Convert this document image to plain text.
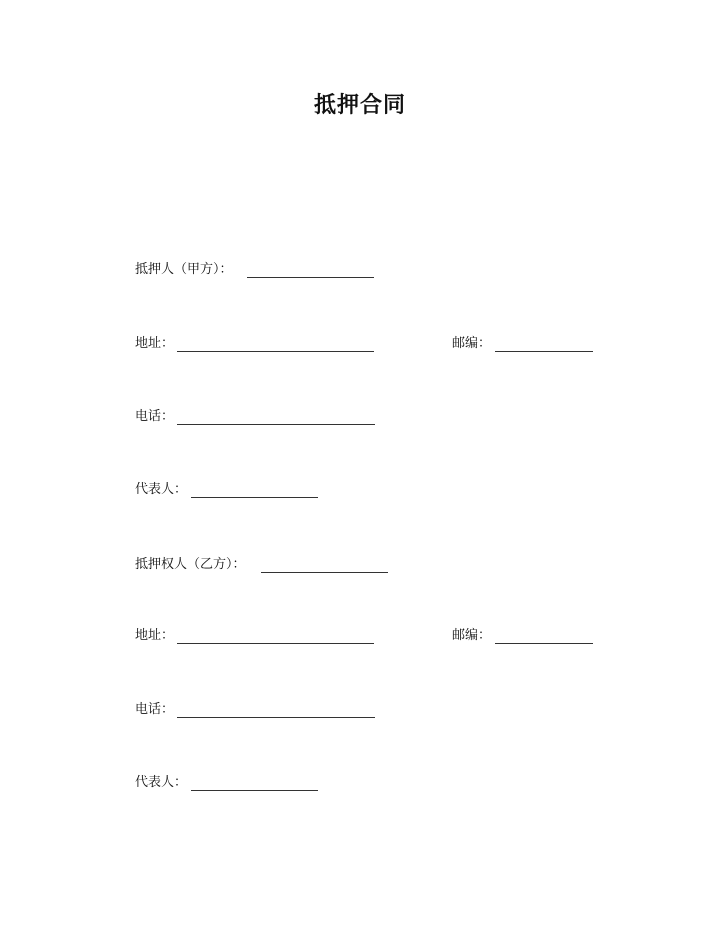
抵押合同
抵押人（甲方）：
地址：	邮编：
电话：
代表人：
抵押权人（乙方）：
地址：	邮编：
电话：
代表人：
